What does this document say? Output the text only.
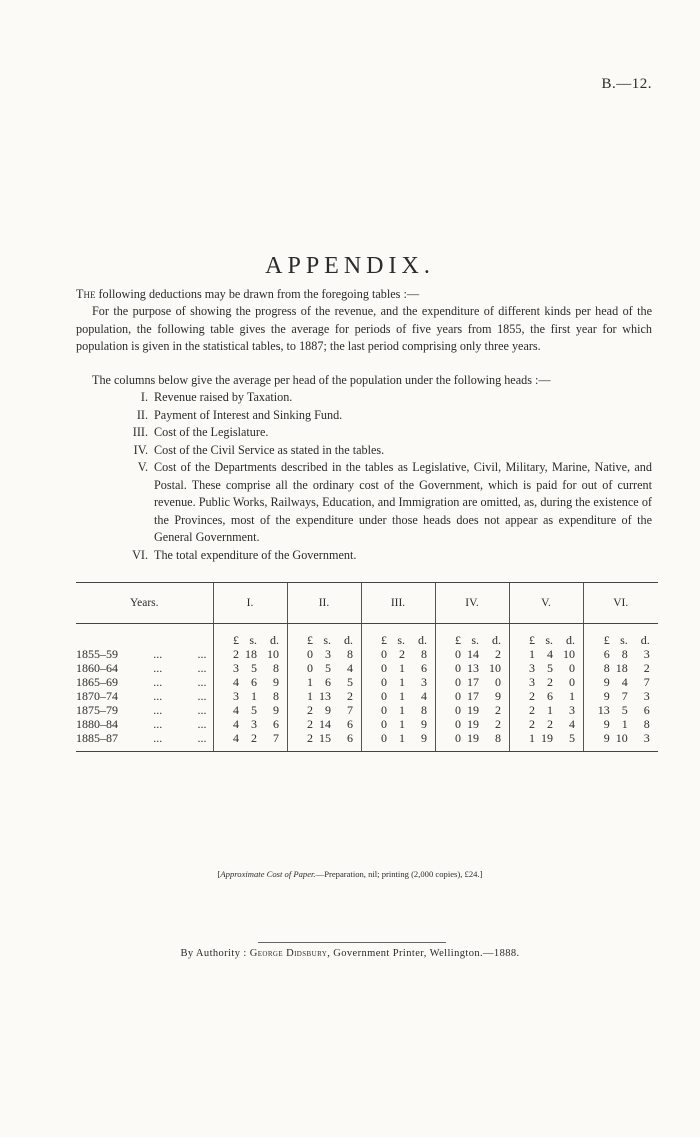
B.—12.
APPENDIX.
The following deductions may be drawn from the foregoing tables :—
For the purpose of showing the progress of the revenue, and the expenditure of different kinds per head of the population, the following table gives the average for periods of five years from 1855, the first year for which population is given in the statistical tables, to 1887; the last period comprising only three years.
The columns below give the average per head of the population under the following heads :—
I. Revenue raised by Taxation.
II. Payment of Interest and Sinking Fund.
III. Cost of the Legislature.
IV. Cost of the Civil Service as stated in the tables.
V. Cost of the Departments described in the tables as Legislative, Civil, Military, Marine, Native, and Postal. These comprise all the ordinary cost of the Government, which is paid for out of current revenue. Public Works, Railways, Education, and Immigration are omitted, as, during the existence of the Provinces, most of the expenditure under those heads does not appear as expenditure of the General Government.
VI. The total expenditure of the Government.
Years.	I.	II.	III.	IV.	V.	VI.

	£ s. d.	£ s. d.	£ s. d.	£ s. d.	£ s. d.	£ s. d.

1855–59 ... ...	2 18 10	0 3 8	0 2 8	0 14 2	1 4 10	6 8 3

1860–64 ... ...	3 5 8	0 5 4	0 1 6	0 13 10	3 5 0	8 18 2

1865–69 ... ...	4 6 9	1 6 5	0 1 3	0 17 0	3 2 0	9 4 7

1870–74 ... ...	3 1 8	1 13 2	0 1 4	0 17 9	2 6 1	9 7 3

1875–79 ... ...	4 5 9	2 9 7	0 1 8	0 19 2	2 1 3	13 5 6

1880–84 ... ...	4 3 6	2 14 6	0 1 9	0 19 2	2 2 4	9 1 8

1885–87 ... ...	4 2 7	2 15 6	0 1 9	0 19 8	1 19 5	9 10 3
[Approximate Cost of Paper.—Preparation, nil; printing (2,000 copies), £24.]
By Authority : George Didsbury, Government Printer, Wellington.—1888.
